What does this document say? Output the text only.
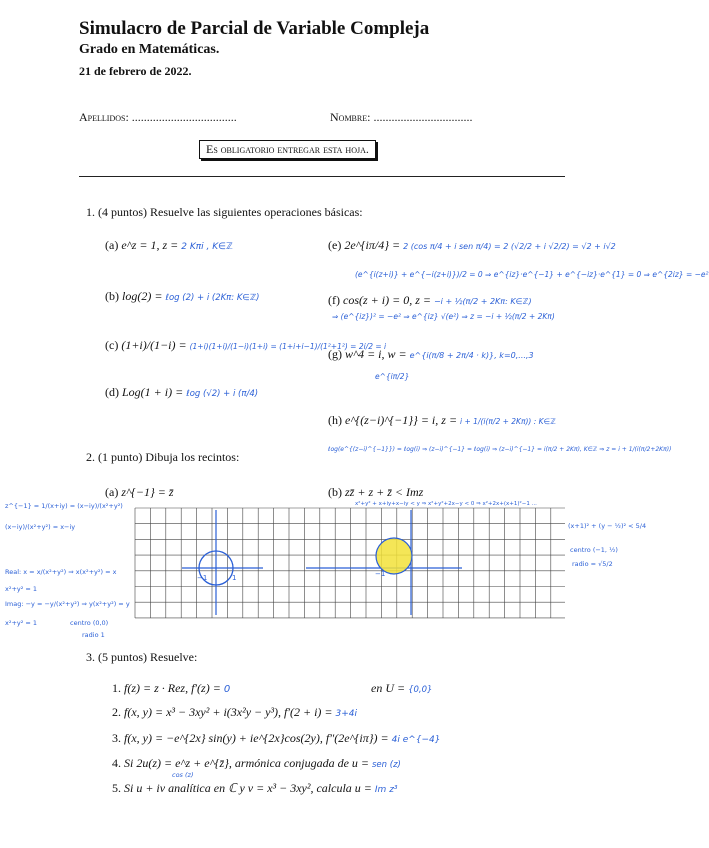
Simulacro de Parcial de Variable Compleja
Grado en Matemáticas.
21 de febrero de 2022.
Apellidos: ...................................	Nombre: .................................
Es obligatorio entregar esta hoja.
1. (4 puntos) Resuelve las siguientes operaciones básicas:
(a) e^z = 1, z = 2 Kπi , K∈ℤ	(e) 2e^{iπ/4} = 2 (cos π/4 + i sen π/4) = 2 (√2/2 + i √2/2) = √2 + i√2
(e^{i(z+i)} + e^{−i(z+i)})/2 = 0 ⇒ e^{iz}·e^{−1} + e^{−iz}·e^{1} = 0 ⇒ e^{2iz} = −e²
(b) log(2) = ℓog (2) + i (2Kπ: K∈ℤ)	(f) cos(z + i) = 0, z = −i + ½(π/2 + 2Kπ: K∈ℤ)
⇒ (e^{iz})² = −e² ⇒ e^{iz} √(e²) ⇒ z = −i + ½(π/2 + 2Kπ)
(c) (1+i)/(1−i) = (1+i)(1+i)/(1−i)(1+i) = (1+i+i−1)/(1²+1²) = 2i/2 = i
(g) w^4 = i, w = e^{i(π/8 + 2π/4 · k)}, k=0,...,3
e^{iπ/2}
(d) Log(1 + i) = ℓog (√2) + i (π/4)
(h) e^{(z−i)^{−1}} = i, z = i + 1/(i(π/2 + 2Kπ)) : K∈ℤ
ℓog(e^{(z−i)^{−1}}) = ℓog(i) ⇒ (z−i)^{−1} = ℓog(i) ⇒ (z−i)^{−1} = i(π/2 + 2Kπ), K∈ℤ ⇒ z = i + 1/(i(π/2+2Kπ))
2. (1 punto) Dibuja los recintos:
(a) z^{−1} = z̄	(b) zz̄ + z + z̄ < Imz
z^{−1} = 1/(x+iy) = (x−iy)/(x²+y²)
(x−iy)/(x²+y²) = x−iy
Real: x = x/(x²+y²) ⇒ x(x²+y²) = x
x²+y² = 1
Imag: −y = −y/(x²+y²) ⇒ y(x²+y²) = y
x²+y² = 1	centro (0,0)
radio 1
x²+y² + x+iy+x−iy < y ⇒ x²+y²+2x−y < 0 ⇒ x²+2x+(x+1)²−1 ...
(x+1)² + (y − ½)² < 5/4
centro (−1, ½)
radio = √5/2
−1	1	−1
3. (5 puntos) Resuelve:
1. f(z) = z · Rez, f′(z) = 0	en U = {0,0}
2. f(x, y) = x³ − 3xy² + i(3x²y − y³), f′(2 + i) = 3+4i
3. f(x, y) = −e^{2x} sin(y) + ie^{2x}cos(2y), f″(2e^{iπ}) = 4i e^{−4}
4. Si 2u(z) = e^z + e^{z̄}, armónica conjugada de u = sen (z)
cos (z)
5. Si u + iv analítica en ℂ y v = x³ − 3xy², calcula u = Im z³
